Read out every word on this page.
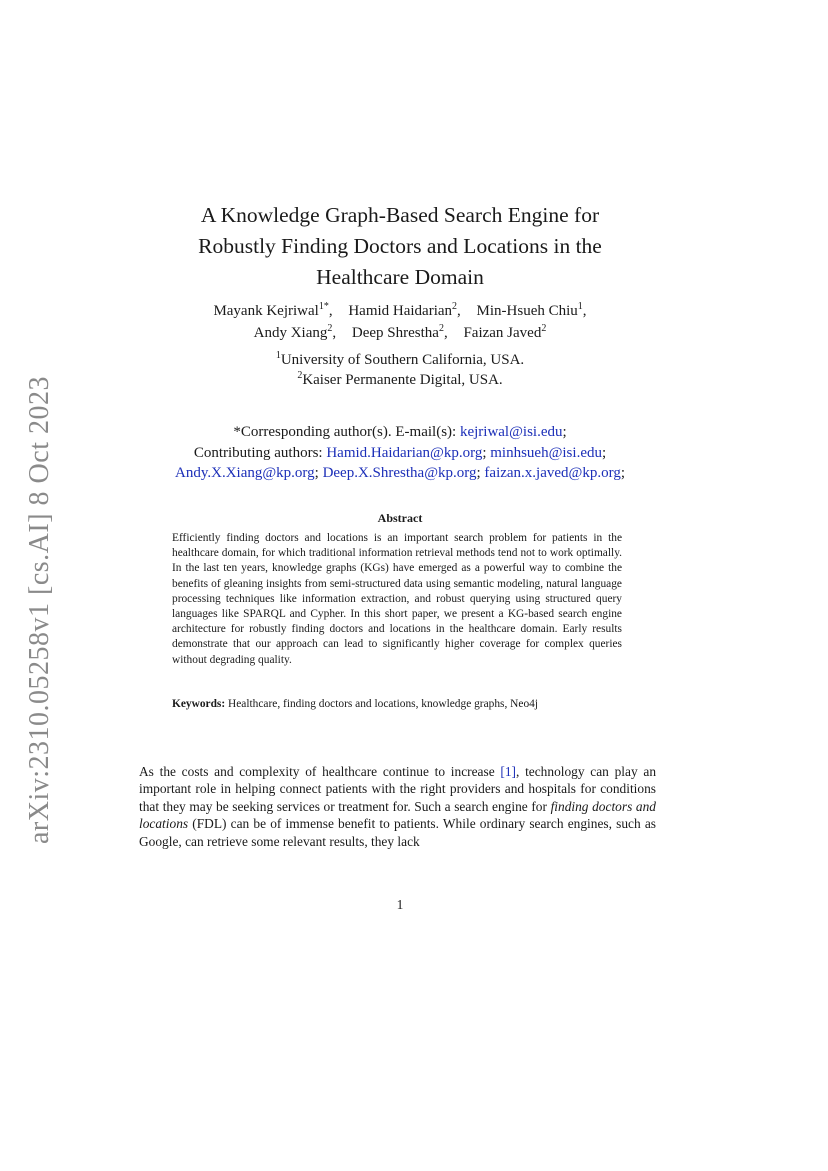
arXiv:2310.05258v1 [cs.AI] 8 Oct 2023
A Knowledge Graph-Based Search Engine for
Robustly Finding Doctors and Locations in the
Healthcare Domain
Mayank Kejriwal$^{1*}$, Hamid Haidarian$^2$, Min-Hsueh Chiu$^1$,
Andy Xiang$^2$, Deep Shrestha$^2$, Faizan Javed$^2$
$^1$University of Southern California, USA.
$^2$Kaiser Permanente Digital, USA.
*Corresponding author(s). E-mail(s): kejriwal@isi.edu;
Contributing authors: Hamid.Haidarian@kp.org; minhsueh@isi.edu;
Andy.X.Xiang@kp.org; Deep.X.Shrestha@kp.org; faizan.x.javed@kp.org;
Abstract

Efficiently finding doctors and locations is an important search problem for patients in the healthcare domain, for which traditional information retrieval methods tend not to work optimally. In the last ten years, knowledge graphs (KGs) have emerged as a powerful way to combine the benefits of gleaning insights from semi-structured data using semantic modeling, natural language processing techniques like information extraction, and robust querying using structured query languages like SPARQL and Cypher. In this short paper, we present a KG-based search engine architecture for robustly finding doctors and locations in the healthcare domain. Early results demonstrate that our approach can lead to significantly higher coverage for complex queries without degrading quality.

Keywords: Healthcare, finding doctors and locations, knowledge graphs, Neo4j

As the costs and complexity of healthcare continue to increase [1], technology can play an important role in helping connect patients with the right providers and hospitals for conditions that they may be seeking services or treatment for. Such a search engine for finding doctors and locations (FDL) can be of immense benefit to patients. While ordinary search engines, such as Google, can retrieve some relevant results, they lack

1
